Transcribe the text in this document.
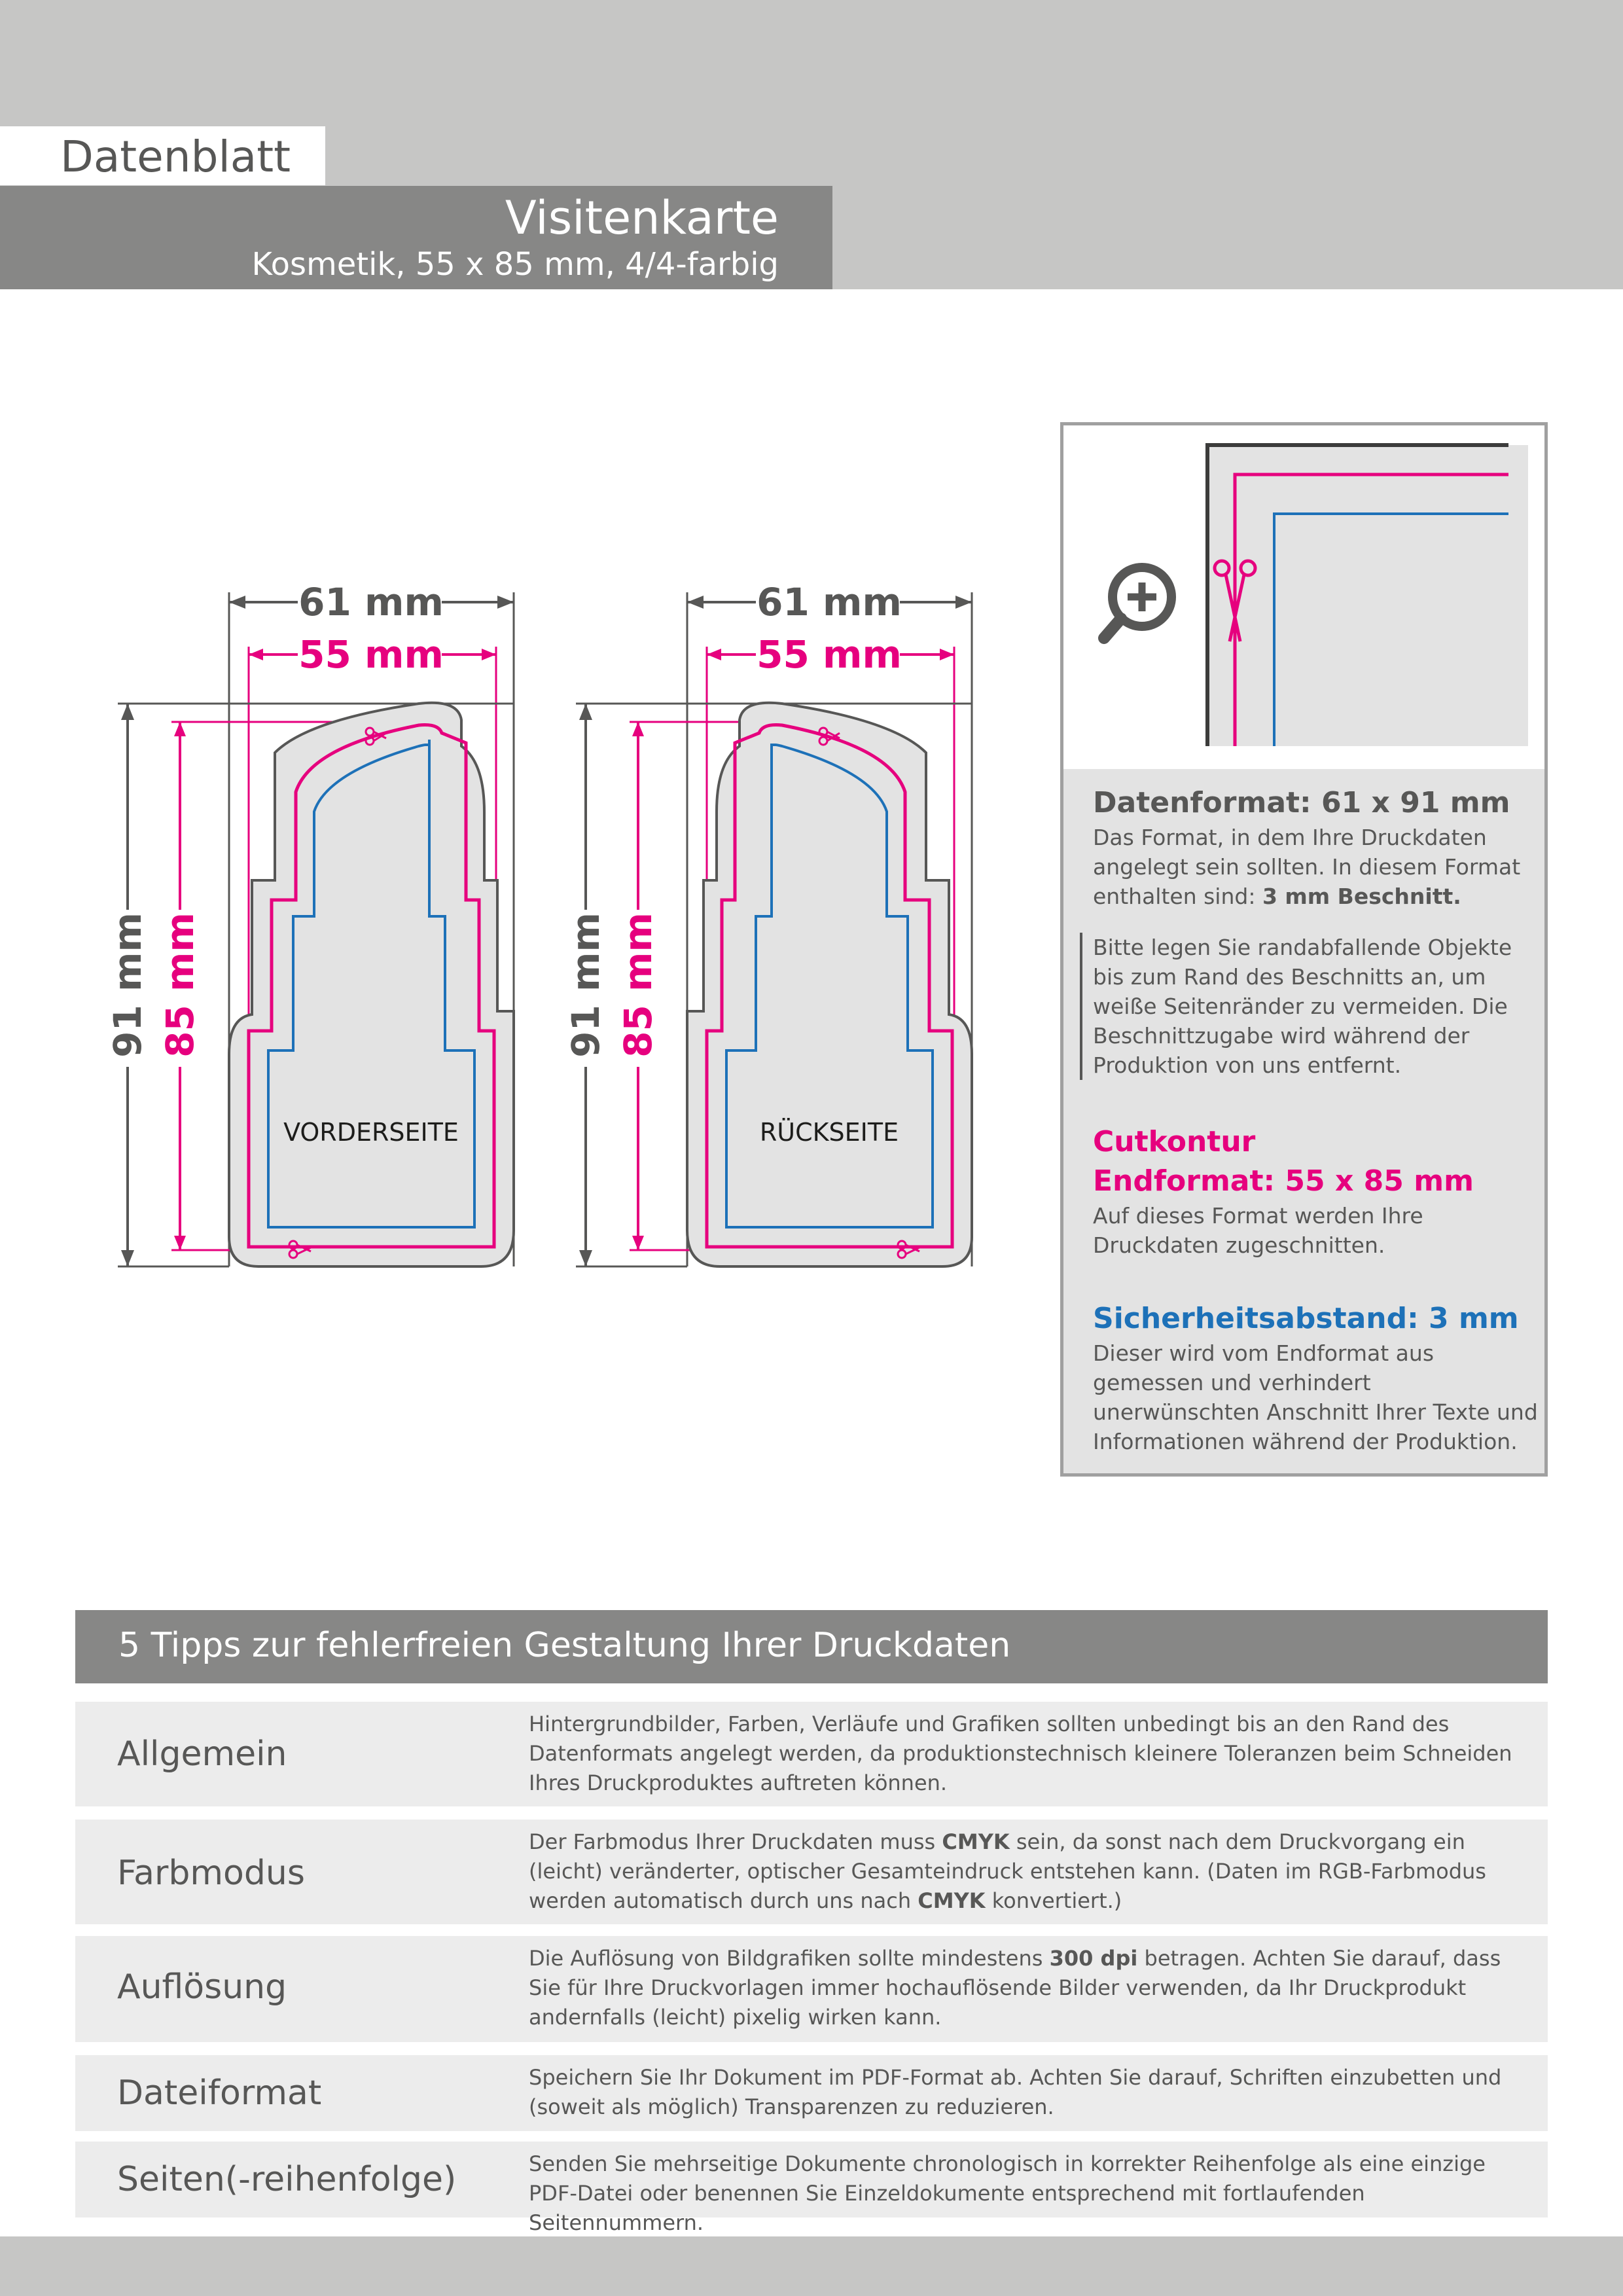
Datenblatt
Visitenkarte
Kosmetik, 55 x 85 mm, 4/4-farbig
61 mm
55 mm
91 mm 85 mm
VORDERSEITE
61 mm
55 mm
91 mm 85 mm
RÜCKSEITE
Datenformat: 61 x 91 mm
Das Format, in dem Ihre Druckdaten angelegt sein sollten. In diesem Format enthalten sind: 3 mm Beschnitt.
Bitte legen Sie randabfallende Objekte bis zum Rand des Beschnitts an, um weiße Seitenränder zu vermeiden. Die Beschnittzugabe wird während der Produktion von uns entfernt.
Cutkontur
Endformat: 55 x 85 mm
Auf dieses Format werden Ihre Druckdaten zugeschnitten.
Sicherheitsabstand: 3 mm
Dieser wird vom Endformat aus gemessen und verhindert unerwünschten Anschnitt Ihrer Texte und Informationen während der Produktion.
5 Tipps zur fehlerfreien Gestaltung Ihrer Druckdaten
Allgemein
Hintergrundbilder, Farben, Verläufe und Grafiken sollten unbedingt bis an den Rand des Datenformats angelegt werden, da produktionstechnisch kleinere Toleranzen beim Schneiden Ihres Druckproduktes auftreten können.
Farbmodus
Der Farbmodus Ihrer Druckdaten muss CMYK sein, da sonst nach dem Druckvorgang ein (leicht) veränderter, optischer Gesamteindruck entstehen kann. (Daten im RGB-Farbmodus werden automatisch durch uns nach CMYK konvertiert.)
Auflösung
Die Auflösung von Bildgrafiken sollte mindestens 300 dpi betragen. Achten Sie darauf, dass Sie für Ihre Druckvorlagen immer hochauflösende Bilder verwenden, da Ihr Druckprodukt andernfalls (leicht) pixelig wirken kann.
Dateiformat	Speichern Sie Ihr Dokument im PDF-Format ab. Achten Sie darauf, Schriften einzubetten und (soweit als möglich) Transparenzen zu reduzieren.
Seiten(-reihenfolge)	Senden Sie mehrseitige Dokumente chronologisch in korrekter Reihenfolge als eine einzige PDF-Datei oder benennen Sie Einzeldokumente entsprechend mit fortlaufenden Seitennummern.
